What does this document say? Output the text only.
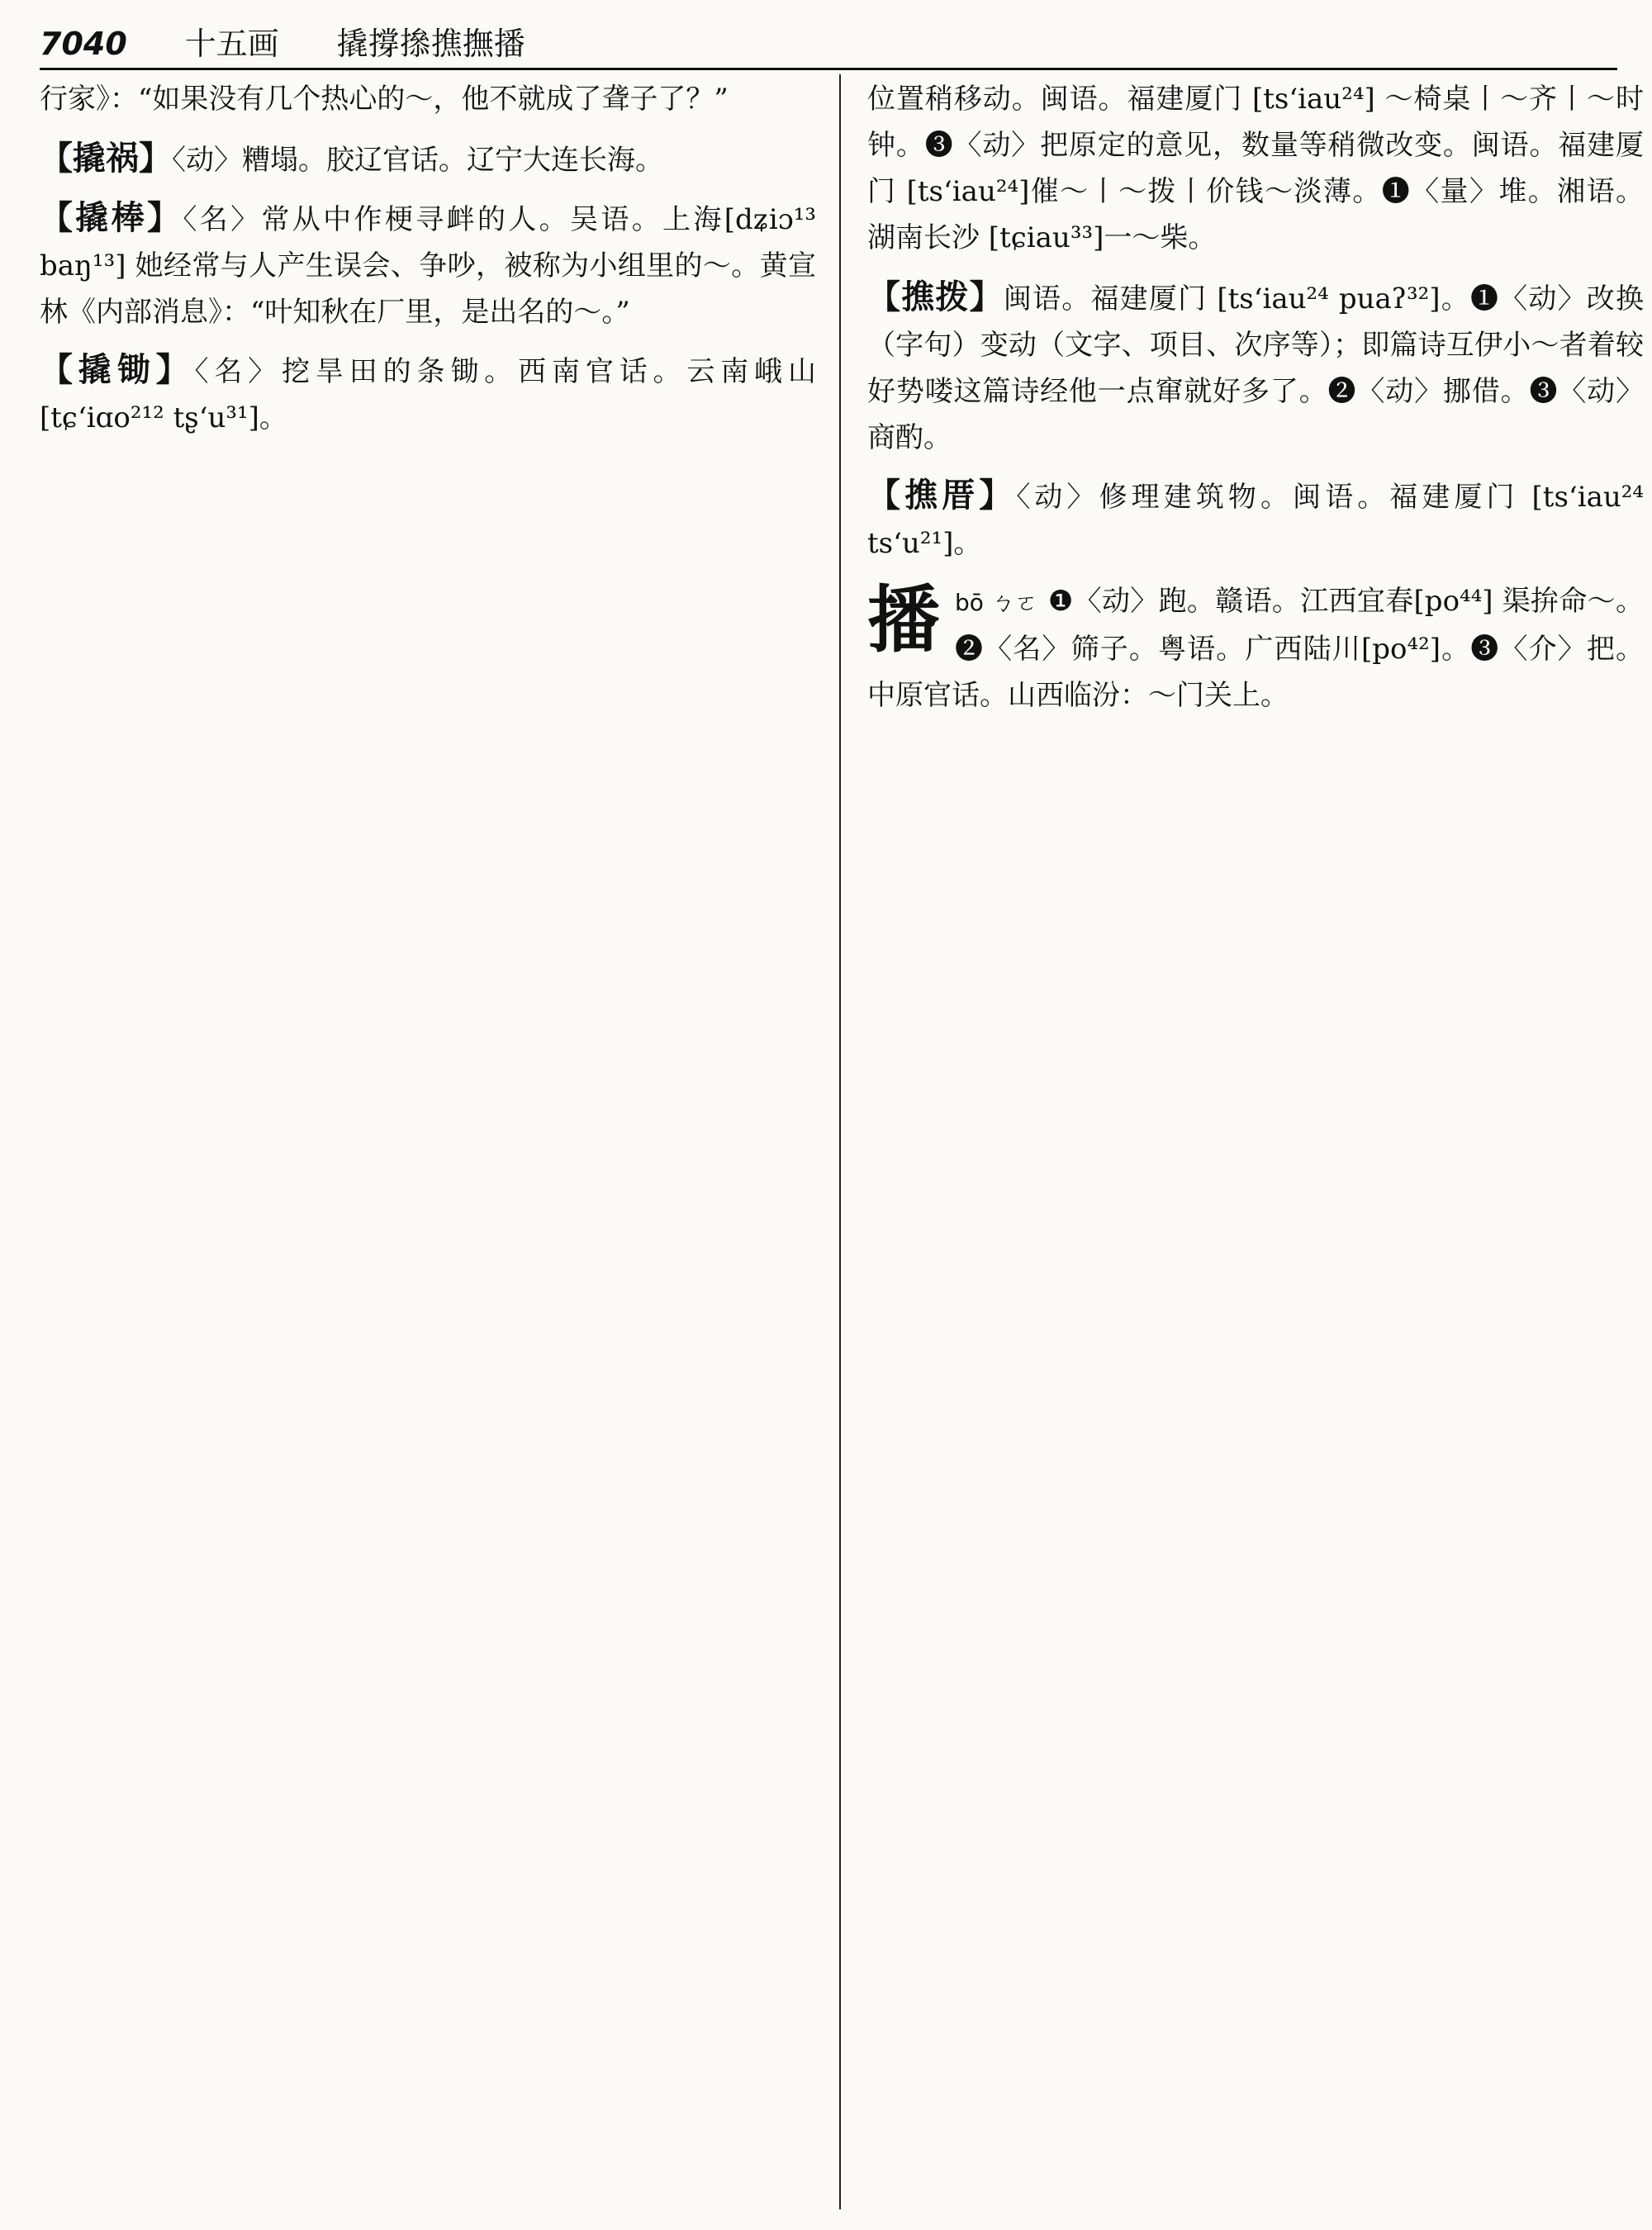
7040 十五画 撬撐撡撨撫播

行家》：“如果没有几个热心的～，他不就成了聋子了？”

【撬祸】〈动〉糟塌。胶辽官话。辽宁大连长海。

【撬棒】〈名〉常从中作梗寻衅的人。吴语。上海[dʑiɔ¹³ baŋ¹³] 她经常与人产生误会、争吵，被称为小组里的～。黄宣林《内部消息》：“叶知秋在厂里，是出名的～。”

【撬锄】〈名〉挖旱田的条锄。西南官话。云南峨山 [tɕʻiɑo²¹² tʂʻu³¹]。

位置稍移动。闽语。福建厦门 [tsʻiau²⁴] ～椅桌丨～齐丨～时钟。❸〈动〉把原定的意见，数量等稍微改变。闽语。福建厦门 [tsʻiau²⁴]催～丨～拨丨价钱～淡薄。❶〈量〉堆。湘语。湖南长沙 [tɕiau³³]一～柴。

【撨拨】闽语。福建厦门 [tsʻiau²⁴ puaʔ³²]。❶〈动〉改换（字句）变动（文字、项目、次序等）；即篇诗互伊小～者着较好势喽这篇诗经他一点窜就好多了。❷〈动〉挪借。❸〈动〉商酌。

【撨厝】〈动〉修理建筑物。闽语。福建厦门 [tsʻiau²⁴ tsʻu²¹]。

播 bō ㄅㄛ ❶〈动〉跑。赣语。江西宜春[po⁴⁴] 渠拚命～。❷〈名〉筛子。粤语。广西陆川[po⁴²]。❸〈介〉把。中原官话。山西临汾：～门关上。
